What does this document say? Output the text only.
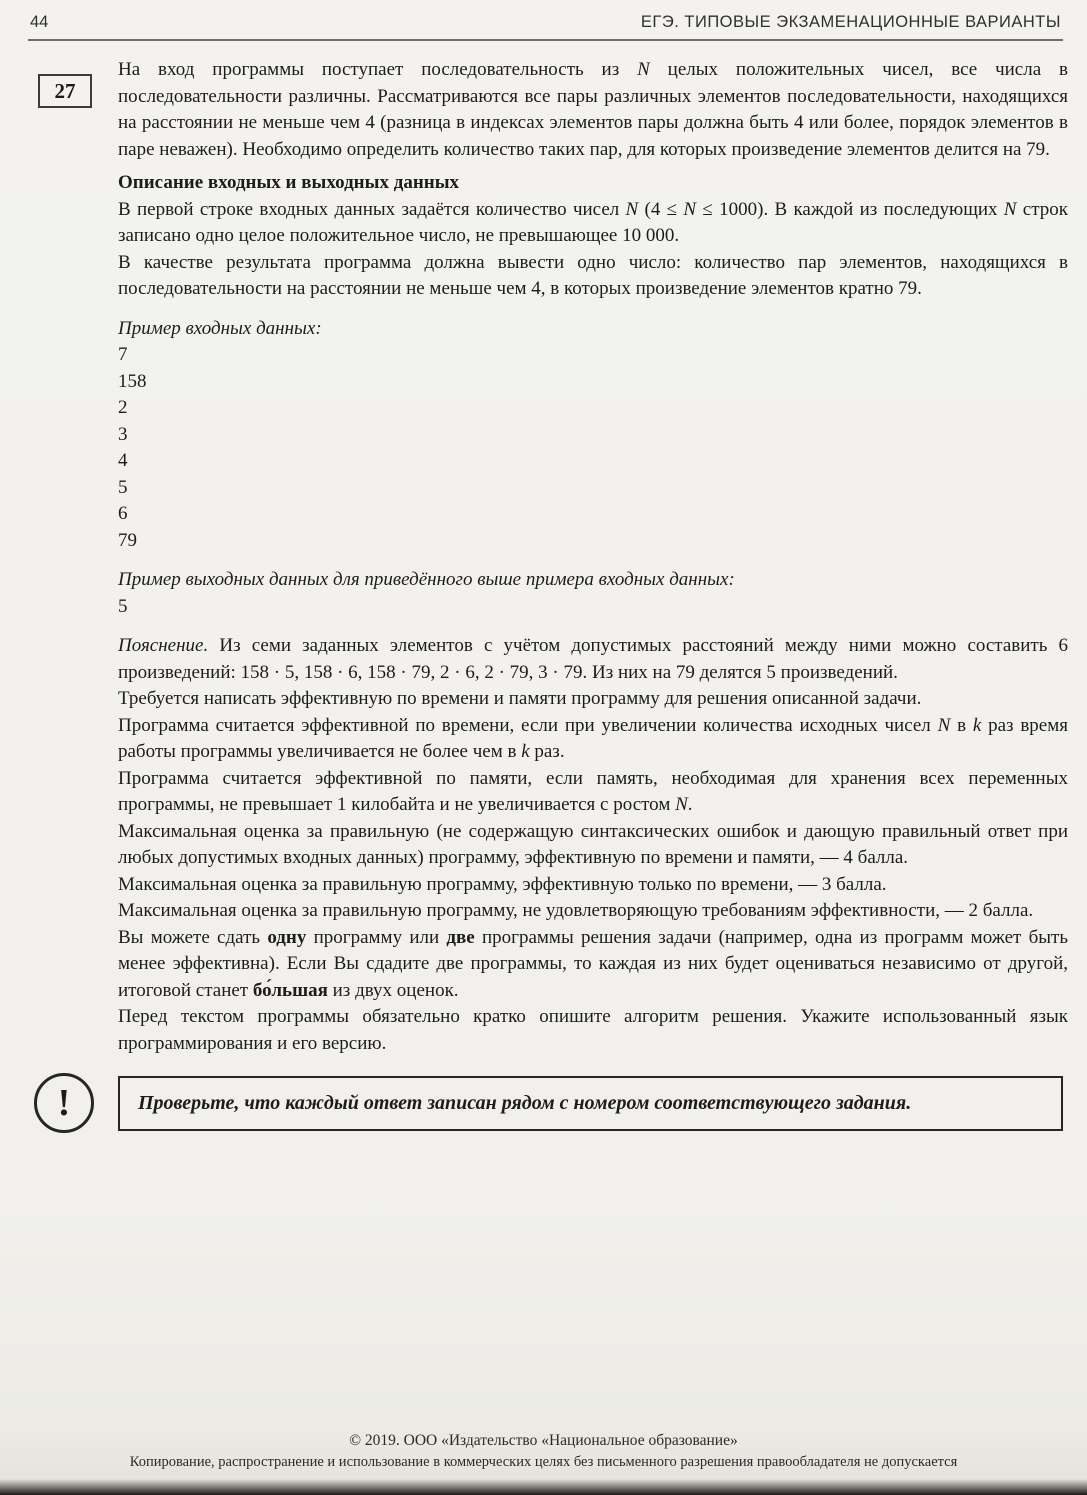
44	ЕГЭ. ТИПОВЫЕ ЭКЗАМЕНАЦИОННЫЕ ВАРИАНТЫ
27

На вход программы поступает последовательность из N целых положительных чисел, все числа в последовательности различны. Рассматриваются все пары различных элементов последовательности, находящихся на расстоянии не меньше чем 4 (разница в индексах элементов пары должна быть 4 или более, порядок элементов в паре неважен). Необходимо определить количество таких пар, для которых произведение элементов делится на 79.

Описание входных и выходных данных

В первой строке входных данных задаётся количество чисел N (4 ≤ N ≤ 1000). В каждой из последующих N строк записано одно целое положительное число, не превышающее 10 000.

В качестве результата программа должна вывести одно число: количество пар элементов, находящихся в последовательности на расстоянии не меньше чем 4, в которых произведение элементов кратно 79.

Пример входных данных:

7
158
2
3
4
5
6
79

Пример выходных данных для приведённого выше примера входных данных:

5

Пояснение. Из семи заданных элементов с учётом допустимых расстояний между ними можно составить 6 произведений: 158 · 5, 158 · 6, 158 · 79, 2 · 6, 2 · 79, 3 · 79. Из них на 79 делятся 5 произведений.

Требуется написать эффективную по времени и памяти программу для решения описанной задачи.

Программа считается эффективной по времени, если при увеличении количества исходных чисел N в k раз время работы программы увеличивается не более чем в k раз.

Программа считается эффективной по памяти, если память, необходимая для хранения всех переменных программы, не превышает 1 килобайта и не увеличивается с ростом N.

Максимальная оценка за правильную (не содержащую синтаксических ошибок и дающую правильный ответ при любых допустимых входных данных) программу, эффективную по времени и памяти, — 4 балла.

Максимальная оценка за правильную программу, эффективную только по времени, — 3 балла.

Максимальная оценка за правильную программу, не удовлетворяющую требованиям эффективности, — 2 балла.

Вы можете сдать одну программу или две программы решения задачи (например, одна из программ может быть менее эффективна). Если Вы сдадите две программы, то каждая из них будет оцениваться независимо от другой, итоговой станет бо́льшая из двух оценок.

Перед текстом программы обязательно кратко опишите алгоритм решения. Укажите использованный язык программирования и его версию.

!	Проверьте, что каждый ответ записан рядом с номером соответствующего задания.

© 2019. ООО «Издательство «Национальное образование»
Копирование, распространение и использование в коммерческих целях без письменного разрешения правообладателя не допускается
